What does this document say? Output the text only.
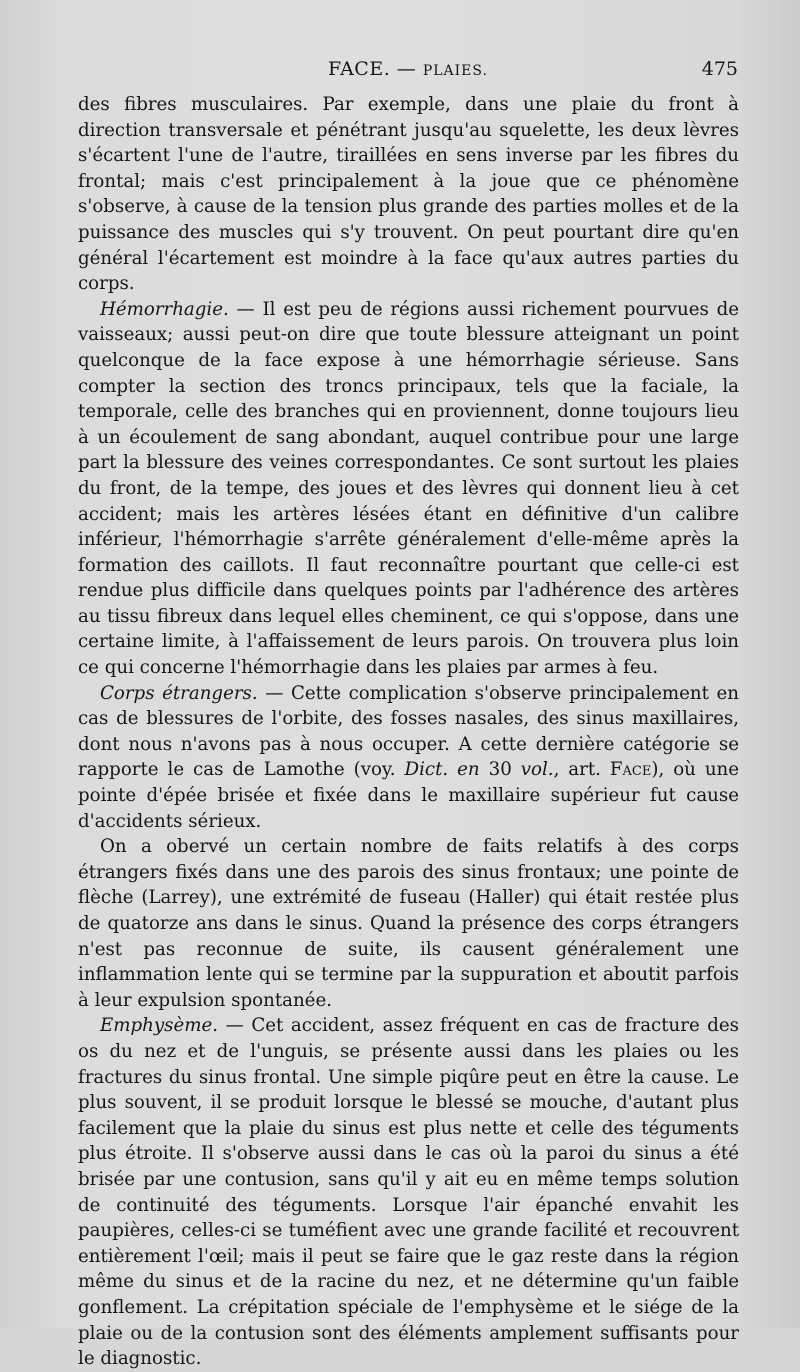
FACE. — PLAIES.	475

des fibres musculaires. Par exemple, dans une plaie du front à direction transversale et pénétrant jusqu'au squelette, les deux lèvres s'écartent l'une de l'autre, tiraillées en sens inverse par les fibres du frontal; mais c'est principalement à la joue que ce phénomène s'observe, à cause de la tension plus grande des parties molles et de la puissance des muscles qui s'y trouvent. On peut pourtant dire qu'en général l'écartement est moindre à la face qu'aux autres parties du corps.

Hémorrhagie. — Il est peu de régions aussi richement pourvues de vaisseaux; aussi peut-on dire que toute blessure atteignant un point quelconque de la face expose à une hémorrhagie sérieuse. Sans compter la section des troncs principaux, tels que la faciale, la temporale, celle des branches qui en proviennent, donne toujours lieu à un écoulement de sang abondant, auquel contribue pour une large part la blessure des veines correspondantes. Ce sont surtout les plaies du front, de la tempe, des joues et des lèvres qui donnent lieu à cet accident; mais les artères lésées étant en définitive d'un calibre inférieur, l'hémorrhagie s'arrête généralement d'elle-même après la formation des caillots. Il faut reconnaître pourtant que celle-ci est rendue plus difficile dans quelques points par l'adhérence des artères au tissu fibreux dans lequel elles cheminent, ce qui s'oppose, dans une certaine limite, à l'affaissement de leurs parois. On trouvera plus loin ce qui concerne l'hémorrhagie dans les plaies par armes à feu.

Corps étrangers. — Cette complication s'observe principalement en cas de blessures de l'orbite, des fosses nasales, des sinus maxillaires, dont nous n'avons pas à nous occuper. A cette dernière catégorie se rapporte le cas de Lamothe (voy. Dict. en 30 vol., art. Face), où une pointe d'épée brisée et fixée dans le maxillaire supérieur fut cause d'accidents sérieux.

On a obervé un certain nombre de faits relatifs à des corps étrangers fixés dans une des parois des sinus frontaux; une pointe de flèche (Larrey), une extrémité de fuseau (Haller) qui était restée plus de quatorze ans dans le sinus. Quand la présence des corps étrangers n'est pas reconnue de suite, ils causent généralement une inflammation lente qui se termine par la suppuration et aboutit parfois à leur expulsion spontanée.

Emphysème. — Cet accident, assez fréquent en cas de fracture des os du nez et de l'unguis, se présente aussi dans les plaies ou les fractures du sinus frontal. Une simple piqûre peut en être la cause. Le plus souvent, il se produit lorsque le blessé se mouche, d'autant plus facilement que la plaie du sinus est plus nette et celle des téguments plus étroite. Il s'observe aussi dans le cas où la paroi du sinus a été brisée par une contusion, sans qu'il y ait eu en même temps solution de continuité des téguments. Lorsque l'air épanché envahit les paupières, celles-ci se tuméfient avec une grande facilité et recouvrent entièrement l'œil; mais il peut se faire que le gaz reste dans la région même du sinus et de la racine du nez, et ne détermine qu'un faible gonflement. La crépitation spéciale de l'emphysème et le siége de la plaie ou de la contusion sont des éléments amplement suffisants pour le diagnostic.
